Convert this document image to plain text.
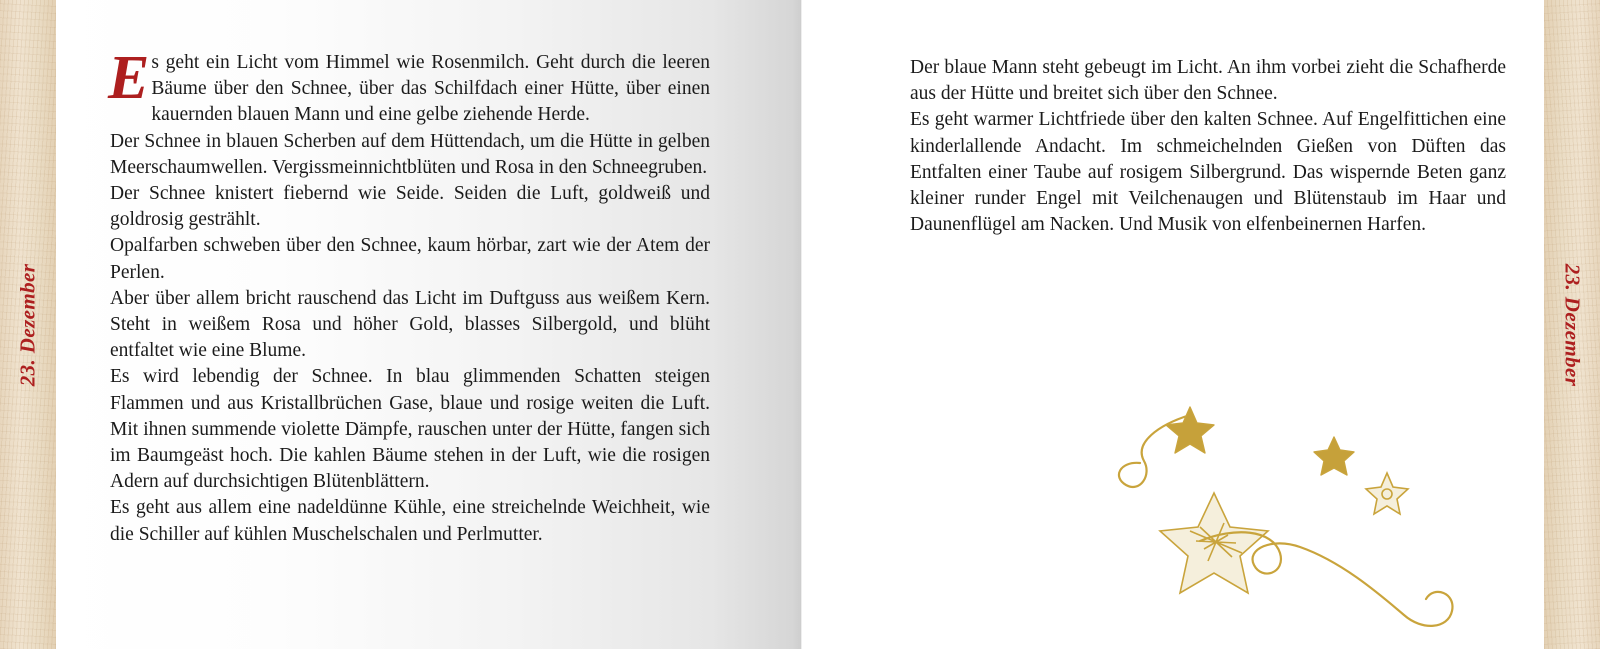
23. Dezember

Es geht ein Licht vom Himmel wie Rosenmilch. Geht durch die leeren Bäume über den Schnee, über das Schilfdach einer Hütte, über einen kauernden blauen Mann und eine gelbe ziehende Herde.

Der Schnee in blauen Scherben auf dem Hüttendach, um die Hütte in gelben Meerschaumwellen. Vergissmeinnichtblüten und Rosa in den Schneegruben.

Der Schnee knistert fiebernd wie Seide. Seiden die Luft, goldweiß und goldrosig gestrählt.

Opalfarben schweben über den Schnee, kaum hörbar, zart wie der Atem der Perlen.

Aber über allem bricht rauschend das Licht im Duftguss aus weißem Kern. Steht in weißem Rosa und höher Gold, blasses Silbergold, und blüht entfaltet wie eine Blume.

Es wird lebendig der Schnee. In blau glimmenden Schatten steigen Flammen und aus Kristallbrüchen Gase, blaue und rosige weiten die Luft. Mit ihnen summende violette Dämpfe, rauschen unter der Hütte, fangen sich im Baumgeäst hoch. Die kahlen Bäume stehen in der Luft, wie die rosigen Adern auf durchsichtigen Blütenblättern.

Es geht aus allem eine nadeldünne Kühle, eine streichelnde Weichheit, wie die Schiller auf kühlen Muschelschalen und Perlmutter.

Der blaue Mann steht gebeugt im Licht. An ihm vorbei zieht die Schafherde aus der Hütte und breitet sich über den Schnee.

Es geht warmer Lichtfriede über den kalten Schnee. Auf Engelfittichen eine kinderlallende Andacht. Im schmeichelnden Gießen von Düften das Entfalten einer Taube auf rosigem Silbergrund. Das wispernde Beten ganz kleiner runder Engel mit Veilchenaugen und Blütenstaub im Haar und Daunenflügel am Nacken. Und Musik von elfenbeinernen Harfen.

23. Dezember
